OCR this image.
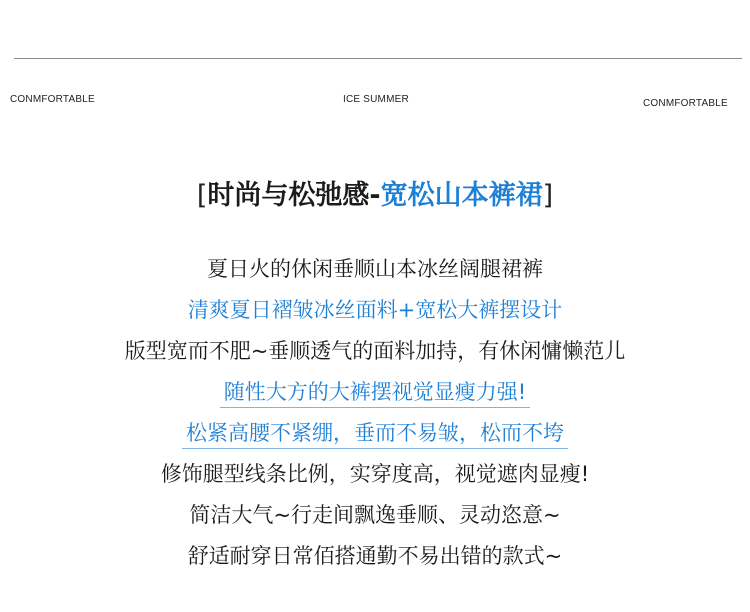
CONMFORTABLE	ICE SUMMER	CONMFORTABLE
[时尚与松弛感-宽松山本裤裙]
夏日火的休闲垂顺山本冰丝阔腿裙裤
清爽夏日褶皱冰丝面料+宽松大裤摆设计
版型宽而不肥~垂顺透气的面料加持，有休闲慵懒范儿
随性大方的大裤摆视觉显瘦力强!
松紧高腰不紧绷，垂而不易皱，松而不垮
修饰腿型线条比例，实穿度高，视觉遮肉显瘦!
简洁大气~行走间飘逸垂顺、灵动恣意~
舒适耐穿日常佰搭通勤不易出错的款式~
